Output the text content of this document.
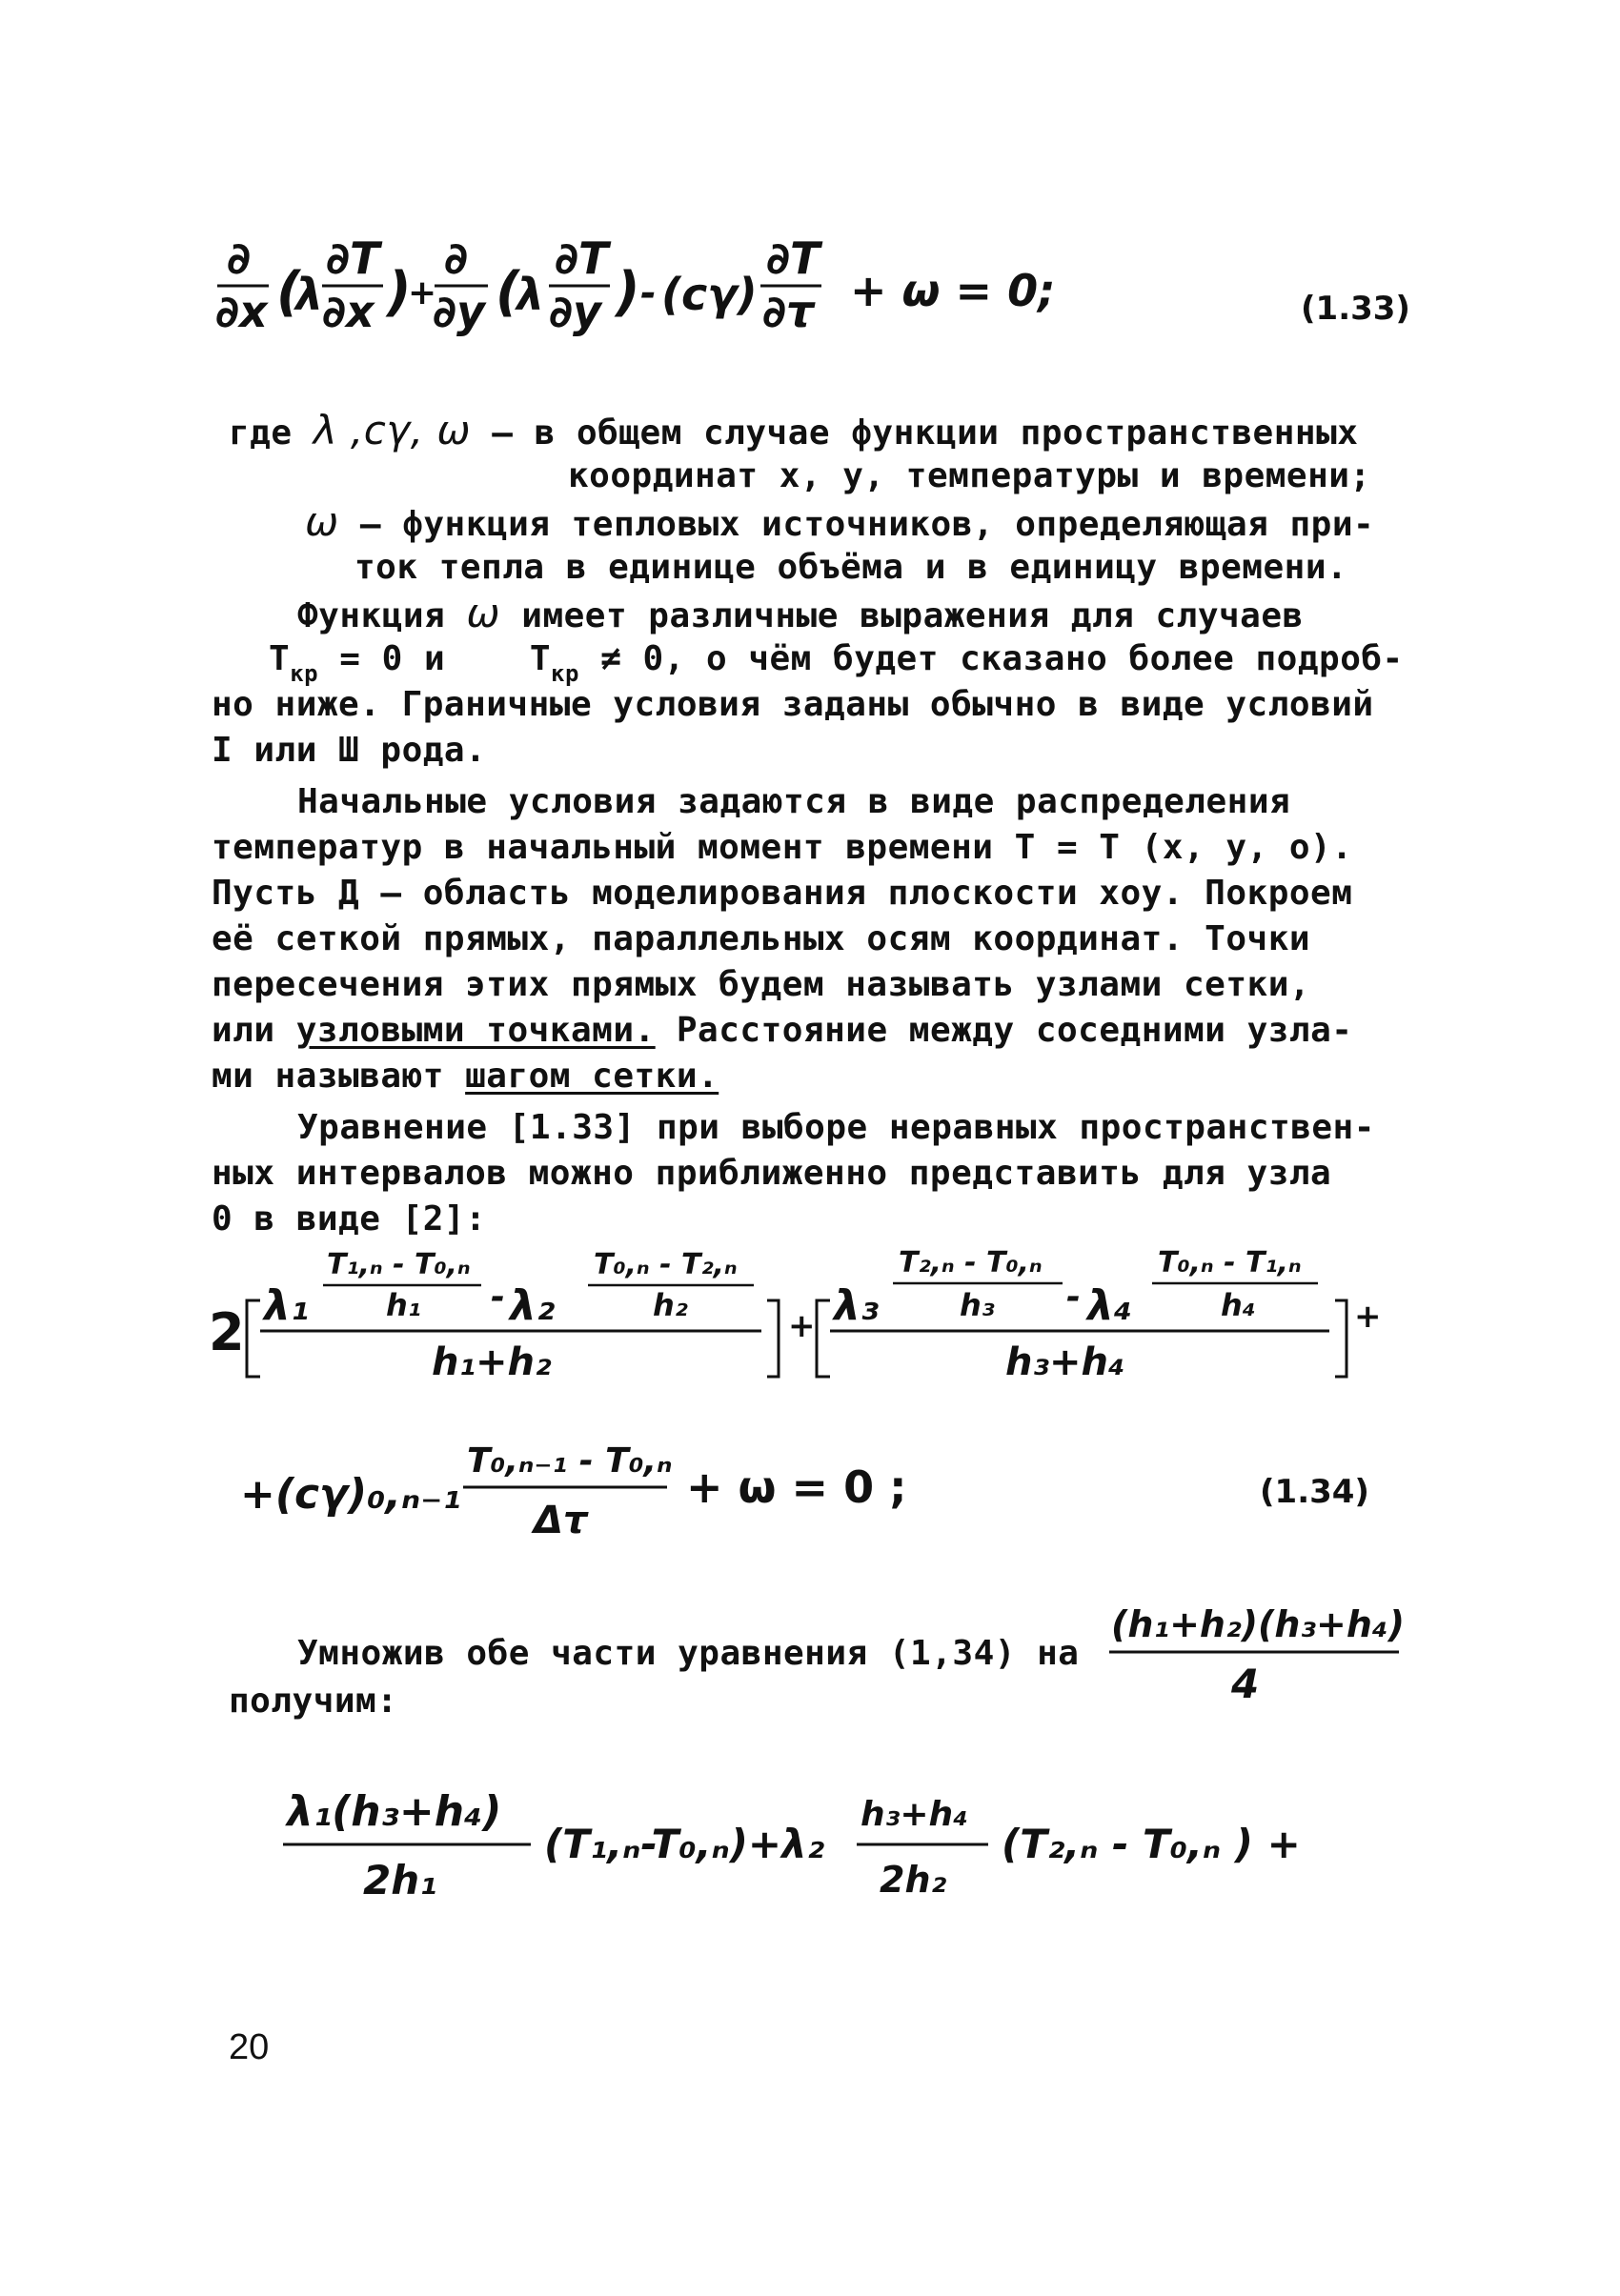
∂
∂x (
λ
∂T
∂x )
+
∂
∂y (
λ
∂T
∂y ) - (cγ)
∂T
∂τ + ω = 0;	(1.33)
где λ ,cγ, ω – в общем случае функции пространственных
координат x, y, температуры и времени;
ω – функция тепловых источников, определяющая при-
ток тепла в единице объёма и в единицу времени.
Функция ω имеет различные выражения для случаев
$T_{кр} = 0$ и $T_{кр} \ne 0$, о чём будет сказано более подроб-
но ниже. Граничные условия заданы обычно в виде условий
I или Ш рода.
Начальные условия задаются в виде распределения
температур в начальный момент времени T = T (x, y, o).
Пусть Д – область моделирования плоскости xoy. Покроем
её сеткой прямых, параллельных осям координат. Точки
пересечения этих прямых будем называть узлами сетки,
или узловыми точками. Расстояние между соседними узла-
ми называют шагом сетки.
Уравнение [1.33] при выборе неравных пространствен-
ных интервалов можно приближенно представить для узла
0 в виде [2]:
2 λ₁
T₁,ₙ - T₀,ₙ
h₁ - λ₂
T₀,ₙ - T₂,ₙ
h₂
h₁+h₂
+ λ₃
T₂,ₙ - T₀,ₙ
h₃ - λ₄
T₀,ₙ - T₁,ₙ
h₄
h₃+h₄
+
+(cγ)₀,ₙ₋₁
T₀,ₙ₋₁ - T₀,ₙ
Δτ
+ ω = 0 ;	(1.34)
Умножив обе части уравнения (1,34) на
(h₁+h₂)(h₃+h₄)
4
получим:
λ₁(h₃+h₄)
2h₁
(T₁,ₙ-T₀,ₙ)+λ₂
h₃+h₄
2h₂
(T₂,ₙ - T₀,ₙ ) +
20
